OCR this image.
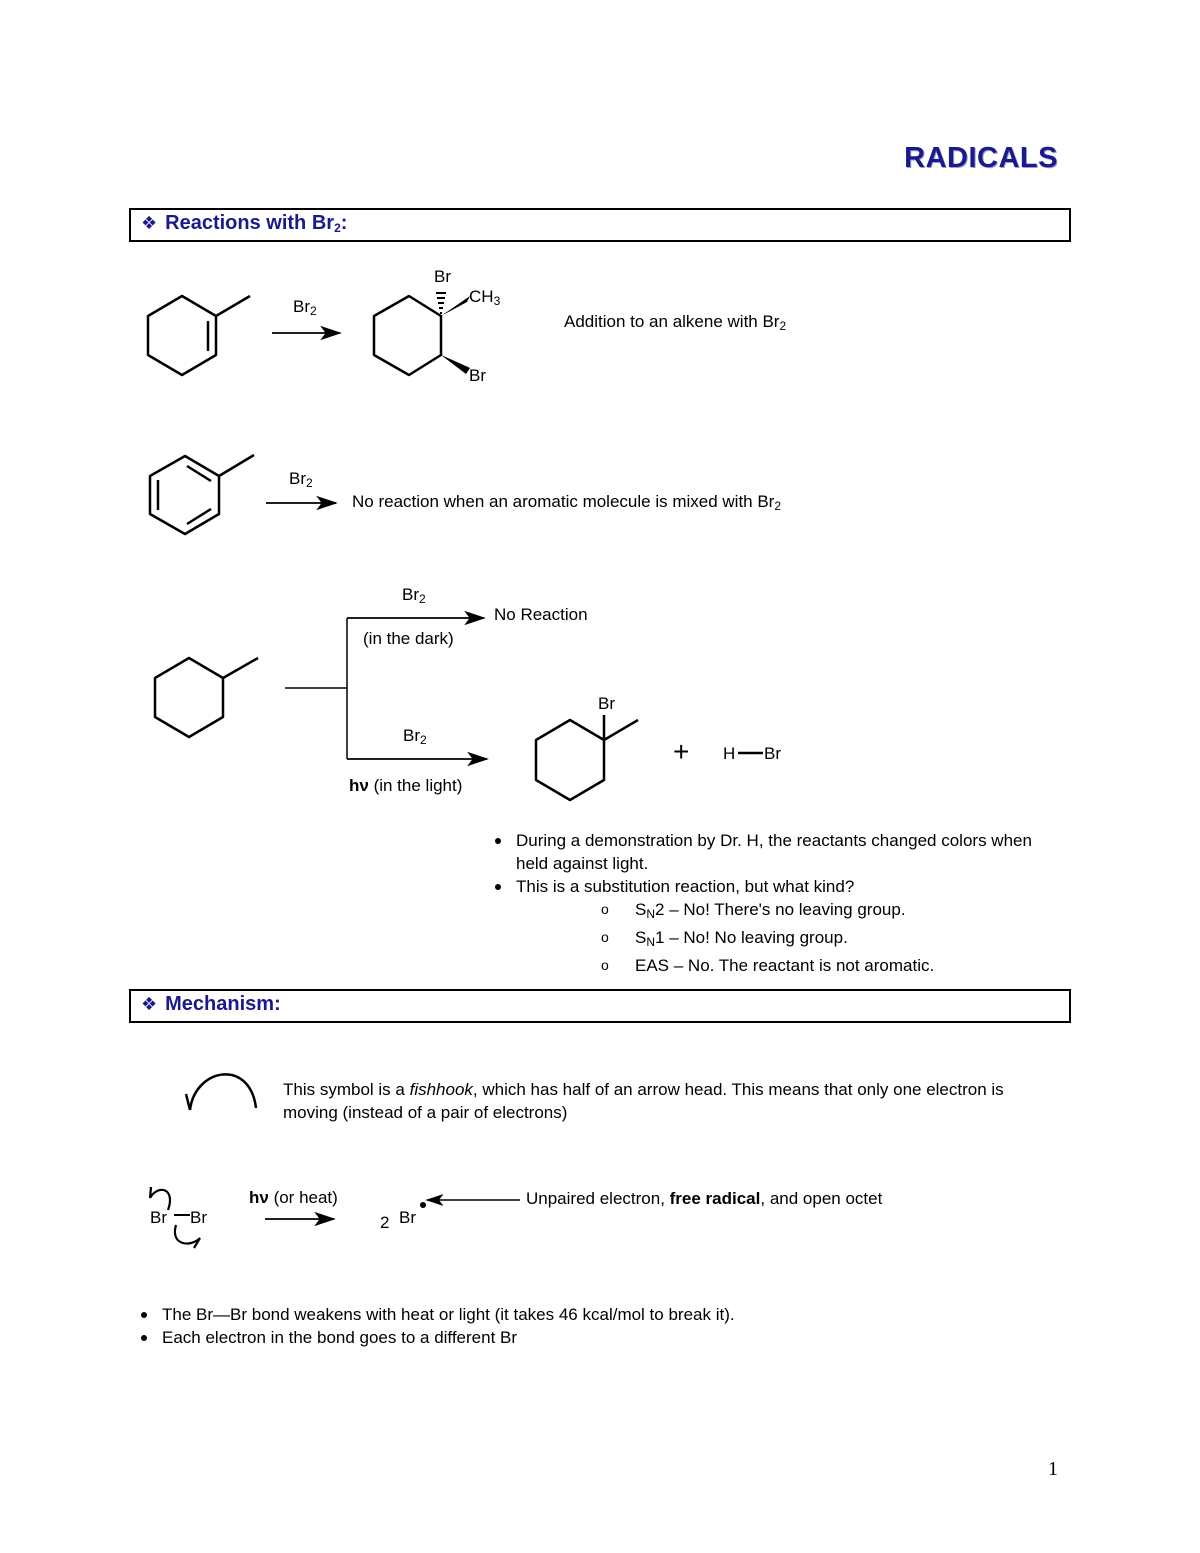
RADICALS
❖ Reactions with $Br_2$:
$Br_2$
Br
$CH_3$
Br
Addition to an alkene with $Br_2$
$Br_2$
No reaction when an aromatic molecule is mixed with $Br_2$
$Br_2$
(in the dark)
No Reaction
$Br_2$
hν (in the light)
Br
+ H Br
During a demonstration by Dr. H, the reactants changed colors when held against light.
This is a substitution reaction, but what kind?
o $S_N2$ – No! There's no leaving group.
o $S_N1$ – No! No leaving group.
o EAS – No. The reactant is not aromatic.
❖ Mechanism:
This symbol is a fishhook, which has half of an arrow head. This means that only one electron is moving (instead of a pair of electrons)
Br Br
hν (or heat)
2 Br
Unpaired electron, free radical, and open octet
The Br—Br bond weakens with heat or light (it takes 46 kcal/mol to break it).
Each electron in the bond goes to a different Br
1
